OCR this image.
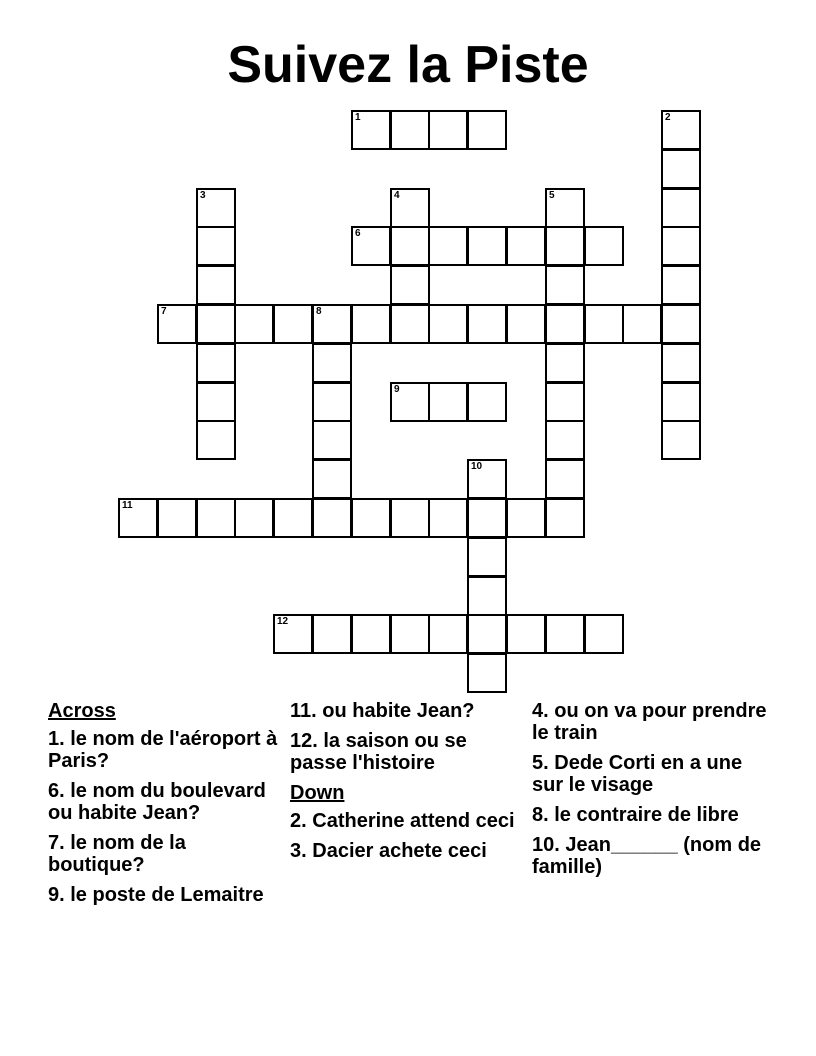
Suivez la Piste
1	2
3	4	5
6
7	8
9
10
11
12
Across
1. le nom de l'aéroport à Paris?
6. le nom du boulevard ou habite Jean?
7. le nom de la boutique?
9. le poste de Lemaitre
11. ou habite Jean?
12. la saison ou se passe l'histoire
Down
2. Catherine attend ceci
3. Dacier achete ceci
4. ou on va pour prendre le train
5. Dede Corti en a une sur le visage
8. le contraire de libre
10. Jean______ (nom de famille)
